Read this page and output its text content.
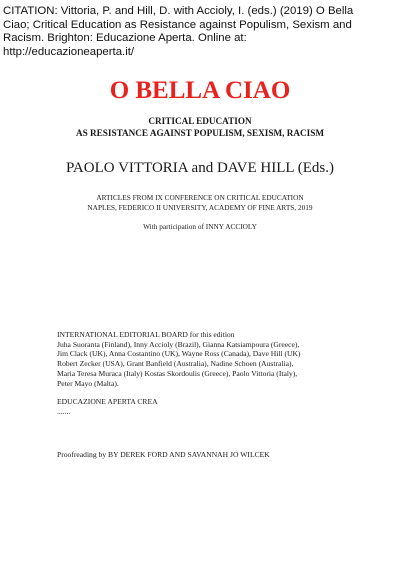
CITATION: Vittoria, P. and Hill, D. with Accioly, I. (eds.) (2019) O Bella
Ciao; Critical Education as Resistance against Populism, Sexism and
Racism. Brighton: Educazione Aperta. Online at:
http://educazioneaperta.it/
O BELLA CIAO
CRITICAL EDUCATION
AS RESISTANCE AGAINST POPULISM, SEXISM, RACISM
PAOLO VITTORIA and DAVE HILL (Eds.)
ARTICLES FROM IX CONFERENCE ON CRITICAL EDUCATION
NAPLES, FEDERICO II UNIVERSITY, ACADEMY OF FINE ARTS, 2019
With participation of INNY ACCIOLY
INTERNATIONAL EDITORIAL BOARD for this edition
Juha Suoranta (Finland), Inny Accioly (Brazil), Gianna Katsiampoura (Greece),
Jim Clack (UK), Anna Costantino (UK), Wayne Ross (Canada), Dave Hill (UK)
Robert Zecker (USA), Grant Banfield (Australia), Nadine Schoen (Australia),
Maria Teresa Muraca (Italy) Kostas Skordoulis (Greece), Paolo Vittoria (Italy),
Peter Mayo (Malta).
EDUCAZIONE APERTA CREA
.......
Proofreading by BY DEREK FORD AND SAVANNAH JO WILCEK
